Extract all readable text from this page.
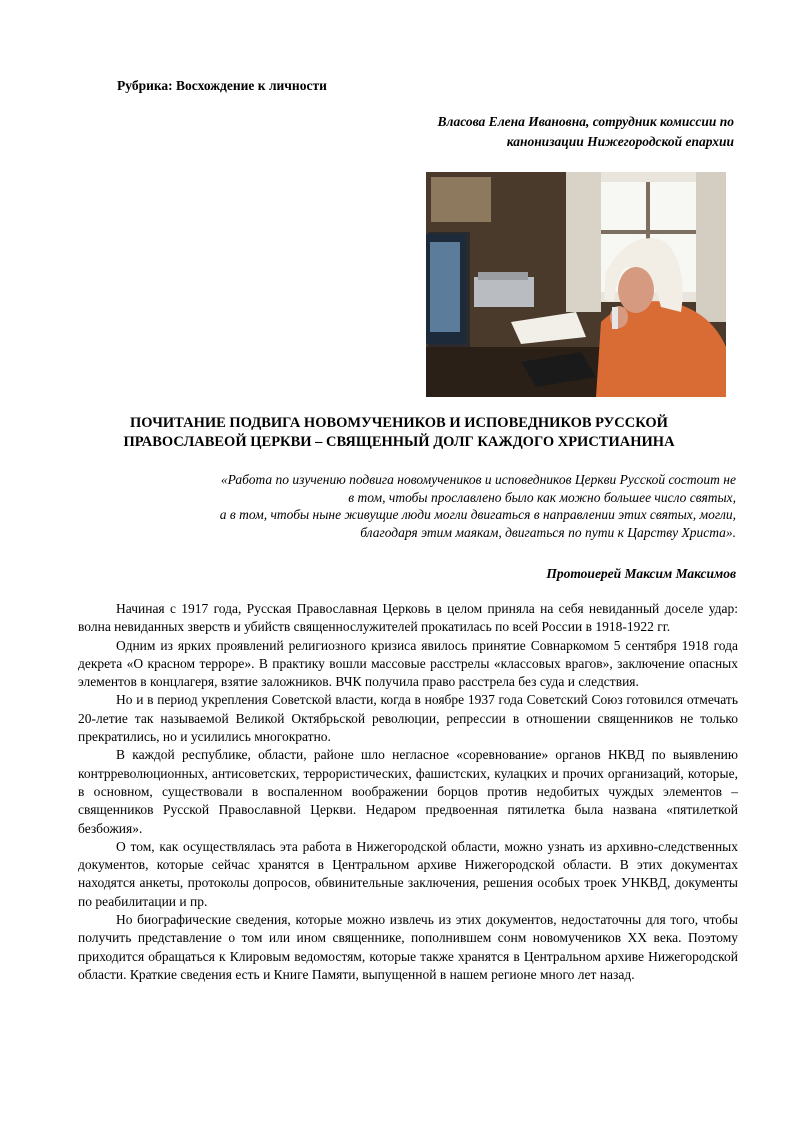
Рубрика: Восхождение к личности
Власова Елена Ивановна, сотрудник комиссии по
канонизации Нижегородской епархии
ПОЧИТАНИЕ ПОДВИГА НОВОМУЧЕНИКОВ И ИСПОВЕДНИКОВ РУССКОЙ
ПРАВОСЛАВЕОЙ ЦЕРКВИ – СВЯЩЕННЫЙ ДОЛГ КАЖДОГО ХРИСТИАНИНА
«Работа по изучению подвига новомучеников и исповедников Церкви Русской состоит не
в том, чтобы прославлено было как можно большее число святых,
а в том, чтобы ныне живущие люди могли двигаться в направлении этих святых, могли,
благодаря этим маякам, двигаться по пути к Царству Христа».
Протоиерей Максим Максимов

Начиная с 1917 года, Русская Православная Церковь в целом приняла на себя невиданный доселе удар: волна невиданных зверств и убийств священнослужителей прокатилась по всей России в 1918-1922 гг.

Одним из ярких проявлений религиозного кризиса явилось принятие Совнаркомом 5 сентября 1918 года декрета «О красном терроре». В практику вошли массовые расстрелы «классовых врагов», заключение опасных элементов в концлагеря, взятие заложников. ВЧК получила право расстрела без суда и следствия.

Но и в период укрепления Советской власти, когда в ноябре 1937 года Советский Союз готовился отмечать 20-летие так называемой Великой Октябрьской революции, репрессии в отношении священников не только прекратились, но и усилились многократно.

В каждой республике, области, районе шло негласное «соревнование» органов НКВД по выявлению контрреволюционных, антисоветских, террористических, фашистских, кулацких и прочих организаций, которые, в основном, существовали в воспаленном воображении борцов против недобитых чуждых элементов – священников Русской Православной Церкви. Недаром предвоенная пятилетка была названа «пятилеткой безбожия».

О том, как осуществлялась эта работа в Нижегородской области, можно узнать из архивно-следственных документов, которые сейчас хранятся в Центральном архиве Нижегородской области. В этих документах находятся анкеты, протоколы допросов, обвинительные заключения, решения особых троек УНКВД, документы по реабилитации и пр.

Но биографические сведения, которые можно извлечь из этих документов, недостаточны для того, чтобы получить представление о том или ином священнике, пополнившем сонм новомучеников XX века. Поэтому приходится обращаться к Клировым ведомостям, которые также хранятся в Центральном архиве Нижегородской области. Краткие сведения есть и Книге Памяти, выпущенной в нашем регионе много лет назад.
